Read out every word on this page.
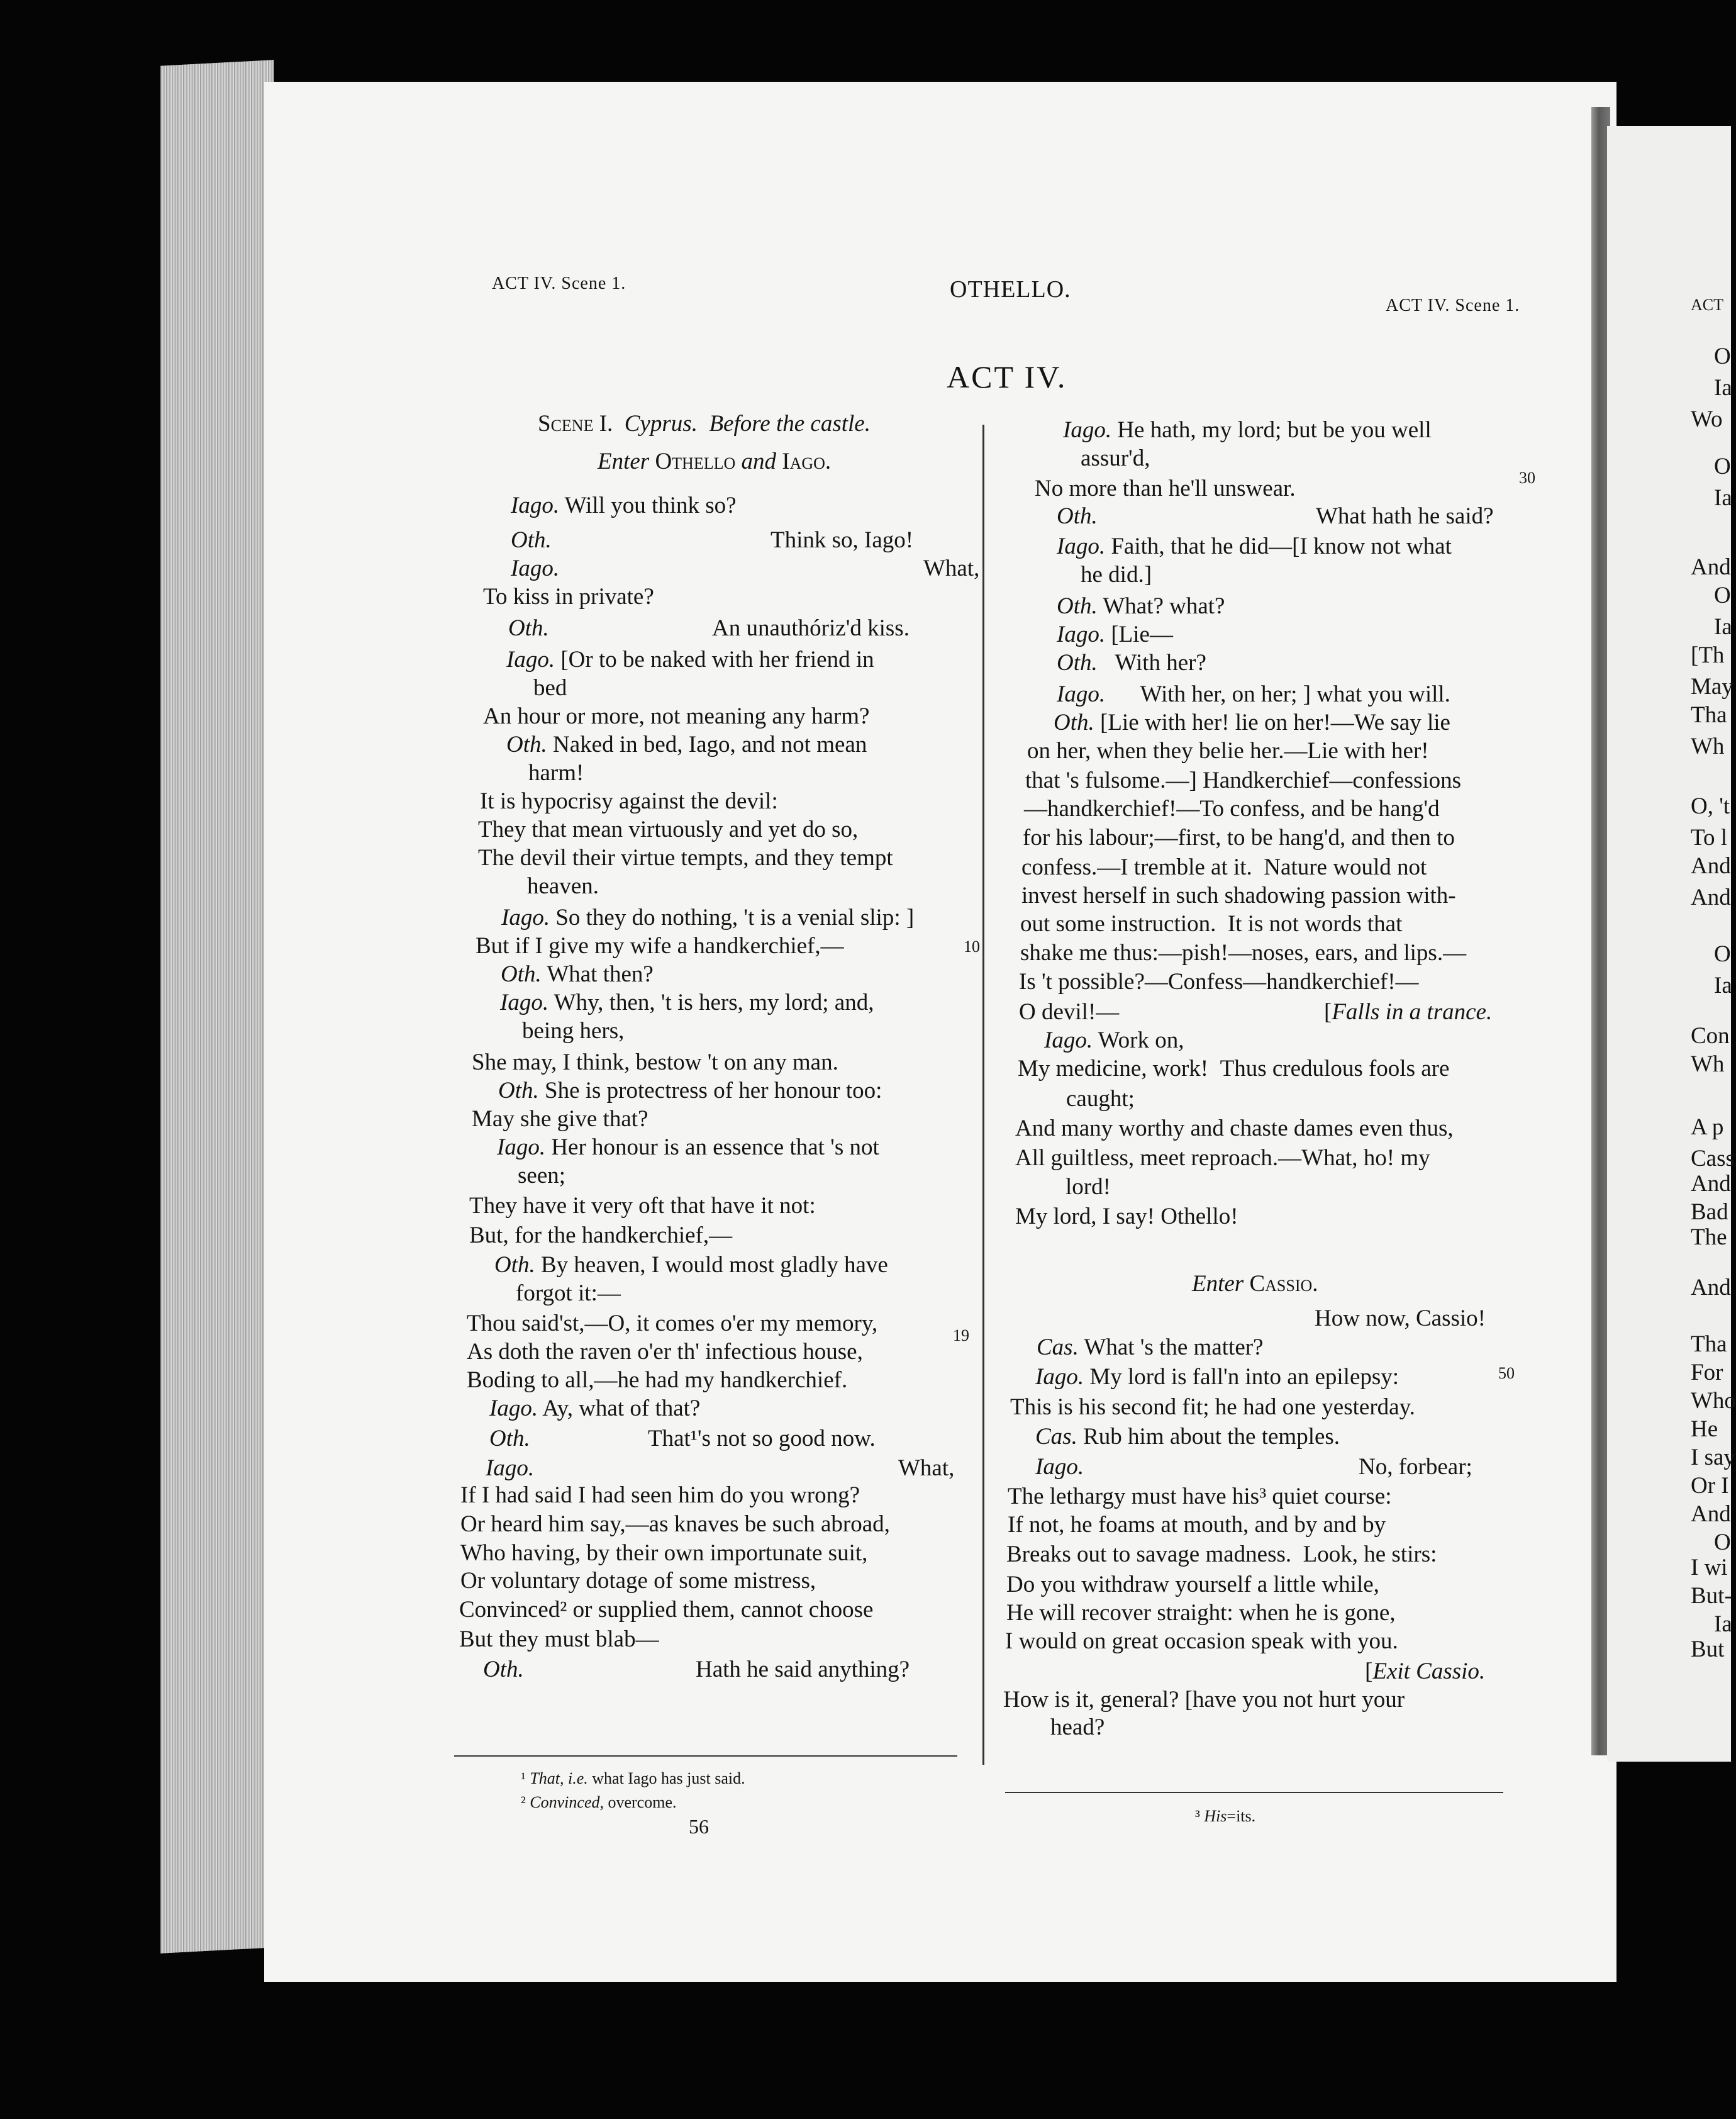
ACT IV. Scene 1.	OTHELLO.
ACT IV. Scene 1.
ACT IV.
Scene I.  Cyprus.  Before the castle.
Enter Othello and Iago.
Iago. Will you think so?
Oth.	Think so, Iago!
Iago.	What,
To kiss in private?
Oth.	An unauthóriz'd kiss.
Iago. [Or to be naked with her friend in
bed
An hour or more, not meaning any harm?
Oth. Naked in bed, Iago, and not mean
harm!
It is hypocrisy against the devil:
They that mean virtuously and yet do so,
The devil their virtue tempts, and they tempt
heaven.
Iago. So they do nothing, 't is a venial slip: ]
But if I give my wife a handkerchief,—
Oth. What then?
Iago. Why, then, 't is hers, my lord; and,
being hers,
She may, I think, bestow 't on any man.
Oth. She is protectress of her honour too:
May she give that?
Iago. Her honour is an essence that 's not
seen;
They have it very oft that have it not:
But, for the handkerchief,—
Oth. By heaven, I would most gladly have
forgot it:—
Thou said'st,—O, it comes o'er my memory,
As doth the raven o'er th' infectious house,
Boding to all,—he had my handkerchief.
Iago. Ay, what of that?
Oth.	That¹'s not so good now.
Iago.	What,
If I had said I had seen him do you wrong?
Or heard him say,—as knaves be such abroad,
Who having, by their own importunate suit,
Or voluntary dotage of some mistress,
Convinced² or supplied them, cannot choose
But they must blab—
Oth.	Hath he said anything?
10
19
Iago. He hath, my lord; but be you well
assur'd,
No more than he'll unswear.
Oth.	What hath he said?
Iago. Faith, that he did—[I know not what
he did.]
Oth. What? what?
Iago. [Lie—
Oth.   With her?
Iago.      With her, on her; ] what you will.
Oth. [Lie with her! lie on her!—We say lie
on her, when they belie her.—Lie with her!
that 's fulsome.—] Handkerchief—confessions
—handkerchief!—To confess, and be hang'd
for his labour;—first, to be hang'd, and then to
confess.—I tremble at it.  Nature would not
invest herself in such shadowing passion with-
out some instruction.  It is not words that
shake me thus:—pish!—noses, ears, and lips.—
Is 't possible?—Confess—handkerchief!—
O devil!—	[Falls in a trance.
Iago. Work on,
My medicine, work!  Thus credulous fools are
caught;
And many worthy and chaste dames even thus,
All guiltless, meet reproach.—What, ho! my
lord!
My lord, I say! Othello!
Enter Cassio.
How now, Cassio!
Cas. What 's the matter?
Iago. My lord is fall'n into an epilepsy:
This is his second fit; he had one yesterday.
Cas. Rub him about the temples.
Iago.	No, forbear;
The lethargy must have his³ quiet course:
If not, he foams at mouth, and by and by
Breaks out to savage madness.  Look, he stirs:
Do you withdraw yourself a little while,
He will recover straight: when he is gone,
I would on great occasion speak with you.
[Exit Cassio.
How is it, general? [have you not hurt your
head?
30
50
¹ That, i.e. what Iago has just said.
² Convinced, overcome.
³ His=its.
56
ACT
O
Ia
Wo
O
Ia
And
O
Ia
[Th
May
Tha
Wh
O, 't
To l
And
And
O
Ia
Con
Wh
A p
Cass
And
Bad
The
And
Tha
For
Who
He
I say
Or I
And
O
I wi
But-
Ia
But
